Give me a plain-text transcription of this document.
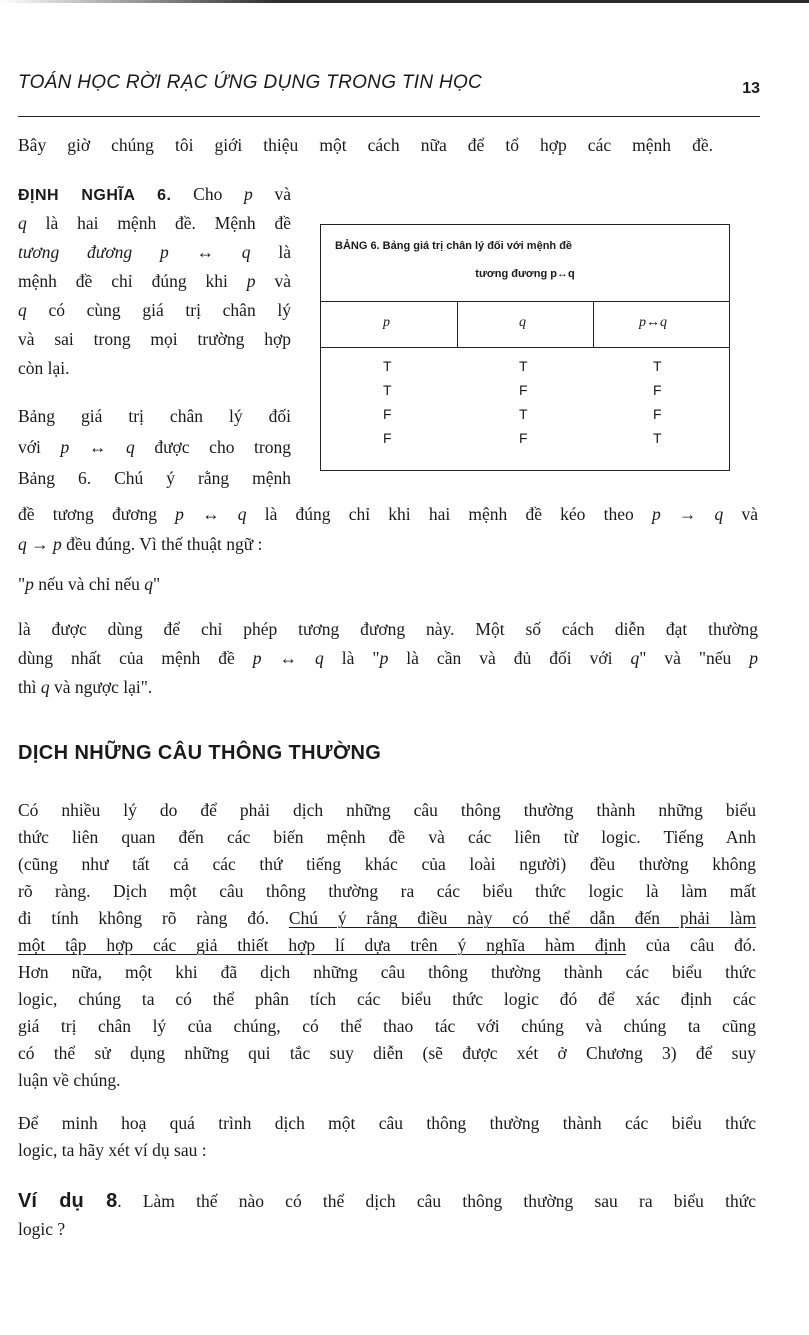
TOÁN HỌC RỜI RẠC ỨNG DỤNG TRONG TIN HỌC	13
Bây giờ chúng tôi giới thiệu một cách nữa để tổ hợp các mệnh đề.
ĐỊNH NGHĨA 6. Cho p và
q là hai mệnh đề. Mệnh đề
tương đương p ↔ q là
mệnh đề chỉ đúng khi p và
q có cùng giá trị chân lý
và sai trong mọi trường hợp
còn lại.
Bảng giá trị chân lý đối
với p ↔ q được cho trong
Bảng 6. Chú ý rằng mệnh
đề tương đương p ↔ q là đúng chỉ khi hai mệnh đề kéo theo p → q và
q → p đều đúng. Vì thế thuật ngữ :
"p nếu và chỉ nếu q"
là được dùng để chỉ phép tương đương này. Một số cách diễn đạt thường
dùng nhất của mệnh đề p ↔ q là "p là cần và đủ đối với q" và "nếu p
thì q và ngược lại".
BẢNG 6. Bảng giá trị chân lý đối với mệnh đề
tương đương p↔q
p	q	p↔q
T	T	T
T	F	F
F	T	F
F	F	T
DỊCH NHỮNG CÂU THÔNG THƯỜNG
Có nhiều lý do để phải dịch những câu thông thường thành những biểu
thức liên quan đến các biến mệnh đề và các liên từ logic. Tiếng Anh
(cũng như tất cả các thứ tiếng khác của loài người) đều thường không
rõ ràng. Dịch một câu thông thường ra các biểu thức logic là làm mất
đi tính không rõ ràng đó. Chú ý rằng điều này có thể dẫn đến phải làm
một tập hợp các giả thiết hợp lí dựa trên ý nghĩa hàm định của câu đó.
Hơn nữa, một khi đã dịch những câu thông thường thành các biểu thức
logic, chúng ta có thể phân tích các biểu thức logic đó để xác định các
giá trị chân lý của chúng, có thể thao tác với chúng và chúng ta cũng
có thể sử dụng những qui tắc suy diễn (sẽ được xét ở Chương 3) để suy
luận về chúng.
Để minh hoạ quá trình dịch một câu thông thường thành các biểu thức
logic, ta hãy xét ví dụ sau :
Ví dụ 8. Làm thế nào có thể dịch câu thông thường sau ra biểu thức
logic ?
